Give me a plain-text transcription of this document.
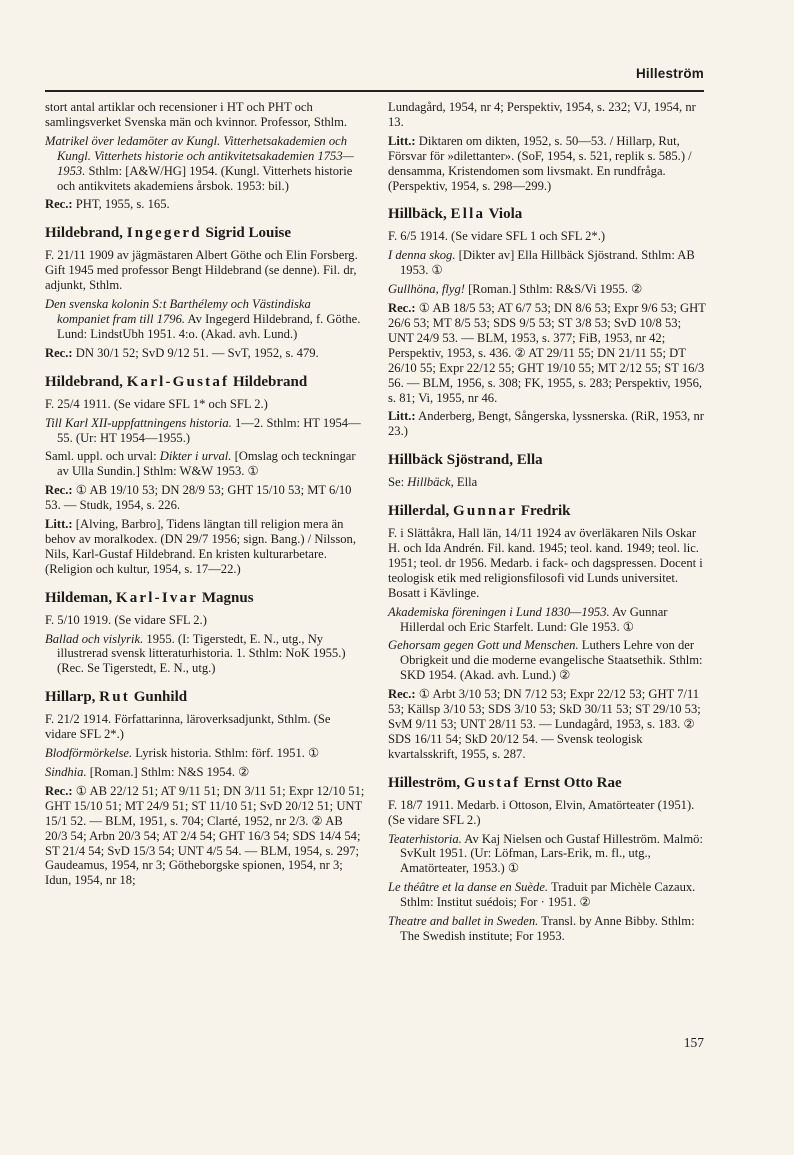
Hilleström

stort antal artiklar och recensioner i HT och PHT och samlingsverket Svenska män och kvinnor. Professor, Sthlm.

Matrikel över ledamöter av Kungl. Vitterhetsakademien och Kungl. Vitterhets historie och antikvitetsakademien 1753—1953. Sthlm: [A&W/HG] 1954. (Kungl. Vitterhets historie och antikvitets akademiens årsbok. 1953: bil.)

Rec.: PHT, 1955, s. 165.

Hildebrand, Ingegerd Sigrid Louise

F. 21/11 1909 av jägmästaren Albert Göthe och Elin Forsberg. Gift 1945 med professor Bengt Hildebrand (se denne). Fil. dr, adjunkt, Sthlm.

Den svenska kolonin S:t Barthélemy och Västindiska kompaniet fram till 1796. Av Ingegerd Hildebrand, f. Göthe. Lund: LindstUbh 1951. 4:o. (Akad. avh. Lund.)

Rec.: DN 30/1 52; SvD 9/12 51. — SvT, 1952, s. 479.

Hildebrand, Karl-Gustaf Hildebrand

F. 25/4 1911. (Se vidare SFL 1* och SFL 2.)

Till Karl XII-uppfattningens historia. 1—2. Sthlm: HT 1954—55. (Ur: HT 1954—1955.)

Saml. uppl. och urval: Dikter i urval. [Omslag och teckningar av Ulla Sundin.] Sthlm: W&W 1953. ①

Rec.: ① AB 19/10 53; DN 28/9 53; GHT 15/10 53; MT 6/10 53. — Studk, 1954, s. 226.

Litt.: [Alving, Barbro], Tidens längtan till religion mera än behov av moralkodex. (DN 29/7 1956; sign. Bang.) / Nilsson, Nils, Karl-Gustaf Hildebrand. En kristen kulturarbetare. (Religion och kultur, 1954, s. 17—22.)

Hildeman, Karl-Ivar Magnus

F. 5/10 1919. (Se vidare SFL 2.)

Ballad och vislyrik. 1955. (I: Tigerstedt, E. N., utg., Ny illustrerad svensk litteraturhistoria. 1. Sthlm: NoK 1955.) (Rec. Se Tigerstedt, E. N., utg.)

Hillarp, Rut Gunhild

F. 21/2 1914. Författarinna, läroverksadjunkt, Sthlm. (Se vidare SFL 2*.)

Blodförmörkelse. Lyrisk historia. Sthlm: förf. 1951. ①

Sindhia. [Roman.] Sthlm: N&S 1954. ②

Rec.: ① AB 22/12 51; AT 9/11 51; DN 3/11 51; Expr 12/10 51; GHT 15/10 51; MT 24/9 51; ST 11/10 51; SvD 20/12 51; UNT 15/1 52. — BLM, 1951, s. 704; Clarté, 1952, nr 2/3. ② AB 20/3 54; Arbn 20/3 54; AT 2/4 54; GHT 16/3 54; SDS 14/4 54; ST 21/4 54; SvD 15/3 54; UNT 4/5 54. — BLM, 1954, s. 297; Gaudeamus, 1954, nr 3; Götheborgske spionen, 1954, nr 3; Idun, 1954, nr 18;

Lundagård, 1954, nr 4; Perspektiv, 1954, s. 232; VJ, 1954, nr 13.

Litt.: Diktaren om dikten, 1952, s. 50—53. / Hillarp, Rut, Försvar för »dilettanter». (SoF, 1954, s. 521, replik s. 585.) / densamma, Kristendomen som livsmakt. En rundfråga. (Perspektiv, 1954, s. 298—299.)

Hillbäck, Ella Viola

F. 6/5 1914. (Se vidare SFL 1 och SFL 2*.)

I denna skog. [Dikter av] Ella Hillbäck Sjöstrand. Sthlm: AB 1953. ①

Gullhöna, flyg! [Roman.] Sthlm: R&S/Vi 1955. ②

Rec.: ① AB 18/5 53; AT 6/7 53; DN 8/6 53; Expr 9/6 53; GHT 26/6 53; MT 8/5 53; SDS 9/5 53; ST 3/8 53; SvD 10/8 53; UNT 24/9 53. — BLM, 1953, s. 377; FiB, 1953, nr 42; Perspektiv, 1953, s. 436. ② AT 29/11 55; DN 21/11 55; DT 26/10 55; Expr 22/12 55; GHT 19/10 55; MT 2/12 55; ST 16/3 56. — BLM, 1956, s. 308; FK, 1955, s. 283; Perspektiv, 1956, s. 81; Vi, 1955, nr 46.

Litt.: Anderberg, Bengt, Sångerska, lyssnerska. (RiR, 1953, nr 23.)

Hillbäck Sjöstrand, Ella

Se: Hillbäck, Ella

Hillerdal, Gunnar Fredrik

F. i Slättåkra, Hall län, 14/11 1924 av överläkaren Nils Oskar H. och Ida Andrén. Fil. kand. 1945; teol. kand. 1949; teol. lic. 1951; teol. dr 1956. Medarb. i fack- och dagspressen. Docent i teologisk etik med religionsfilosofi vid Lunds universitet. Bosatt i Kävlinge.

Akademiska föreningen i Lund 1830—1953. Av Gunnar Hillerdal och Eric Starfelt. Lund: Gle 1953. ①

Gehorsam gegen Gott und Menschen. Luthers Lehre von der Obrigkeit und die moderne evangelische Staatsethik. Sthlm: SKD 1954. (Akad. avh. Lund.) ②

Rec.: ① Arbt 3/10 53; DN 7/12 53; Expr 22/12 53; GHT 7/11 53; Källsp 3/10 53; SDS 3/10 53; SkD 30/11 53; ST 29/10 53; SvM 9/11 53; UNT 28/11 53. — Lundagård, 1953, s. 183. ② SDS 16/11 54; SkD 20/12 54. — Svensk teologisk kvartalsskrift, 1955, s. 287.

Hilleström, Gustaf Ernst Otto Rae

F. 18/7 1911. Medarb. i Ottoson, Elvin, Amatörteater (1951). (Se vidare SFL 2.)

Teaterhistoria. Av Kaj Nielsen och Gustaf Hilleström. Malmö: SvKult 1951. (Ur: Löfman, Lars-Erik, m. fl., utg., Amatörteater, 1953.) ①

Le théâtre et la danse en Suède. Traduit par Michèle Cazaux. Sthlm: Institut suédois; For · 1951. ②

Theatre and ballet in Sweden. Transl. by Anne Bibby. Sthlm: The Swedish institute; For 1953.

157
